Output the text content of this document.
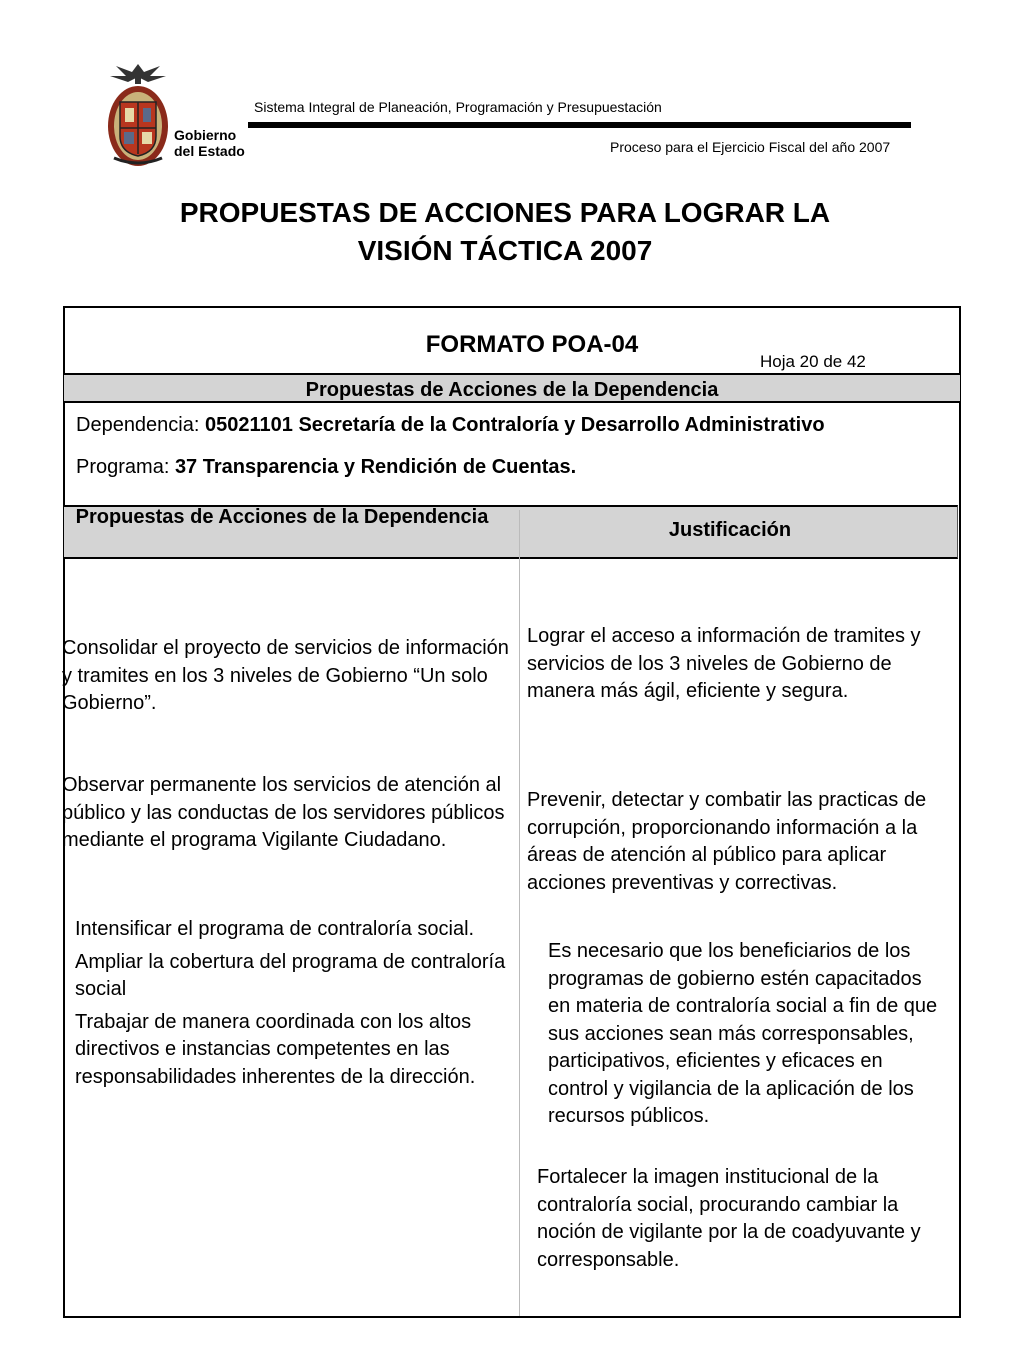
Gobierno
del Estado
Sistema Integral de Planeación, Programación y Presupuestación
Proceso para el Ejercicio Fiscal del año 2007
PROPUESTAS DE ACCIONES PARA LOGRAR LA
VISIÓN TÁCTICA 2007
FORMATO POA-04
Hoja 20 de 42
Propuestas de Acciones de la Dependencia
Dependencia: 05021101 Secretaría de la Contraloría y Desarrollo Administrativo
Programa: 37 Transparencia y Rendición de Cuentas.
Propuestas de Acciones de la Dependencia
Justificación
Consolidar el proyecto de servicios de información y tramites en los 3 niveles de Gobierno “Un solo Gobierno”.
Observar permanente los servicios de atención al público y las conductas de los servidores públicos mediante el programa Vigilante Ciudadano.
Intensificar el programa de contraloría social.
Ampliar la cobertura del programa de contraloría social
Trabajar de manera coordinada con los altos directivos e instancias competentes en las responsabilidades inherentes de la dirección.
Lograr el acceso a información de tramites y servicios de los 3 niveles de Gobierno de manera más ágil, eficiente y segura.
Prevenir, detectar y combatir las practicas de corrupción, proporcionando información a la áreas de atención al público para aplicar acciones preventivas y correctivas.
Es necesario que los beneficiarios de los programas de gobierno estén capacitados en materia de contraloría social a fin de que sus acciones sean más corresponsables, participativos, eficientes y eficaces en control y vigilancia de la aplicación de los recursos públicos.
Fortalecer la imagen institucional de la contraloría social, procurando cambiar la noción de vigilante por la de coadyuvante y corresponsable.
